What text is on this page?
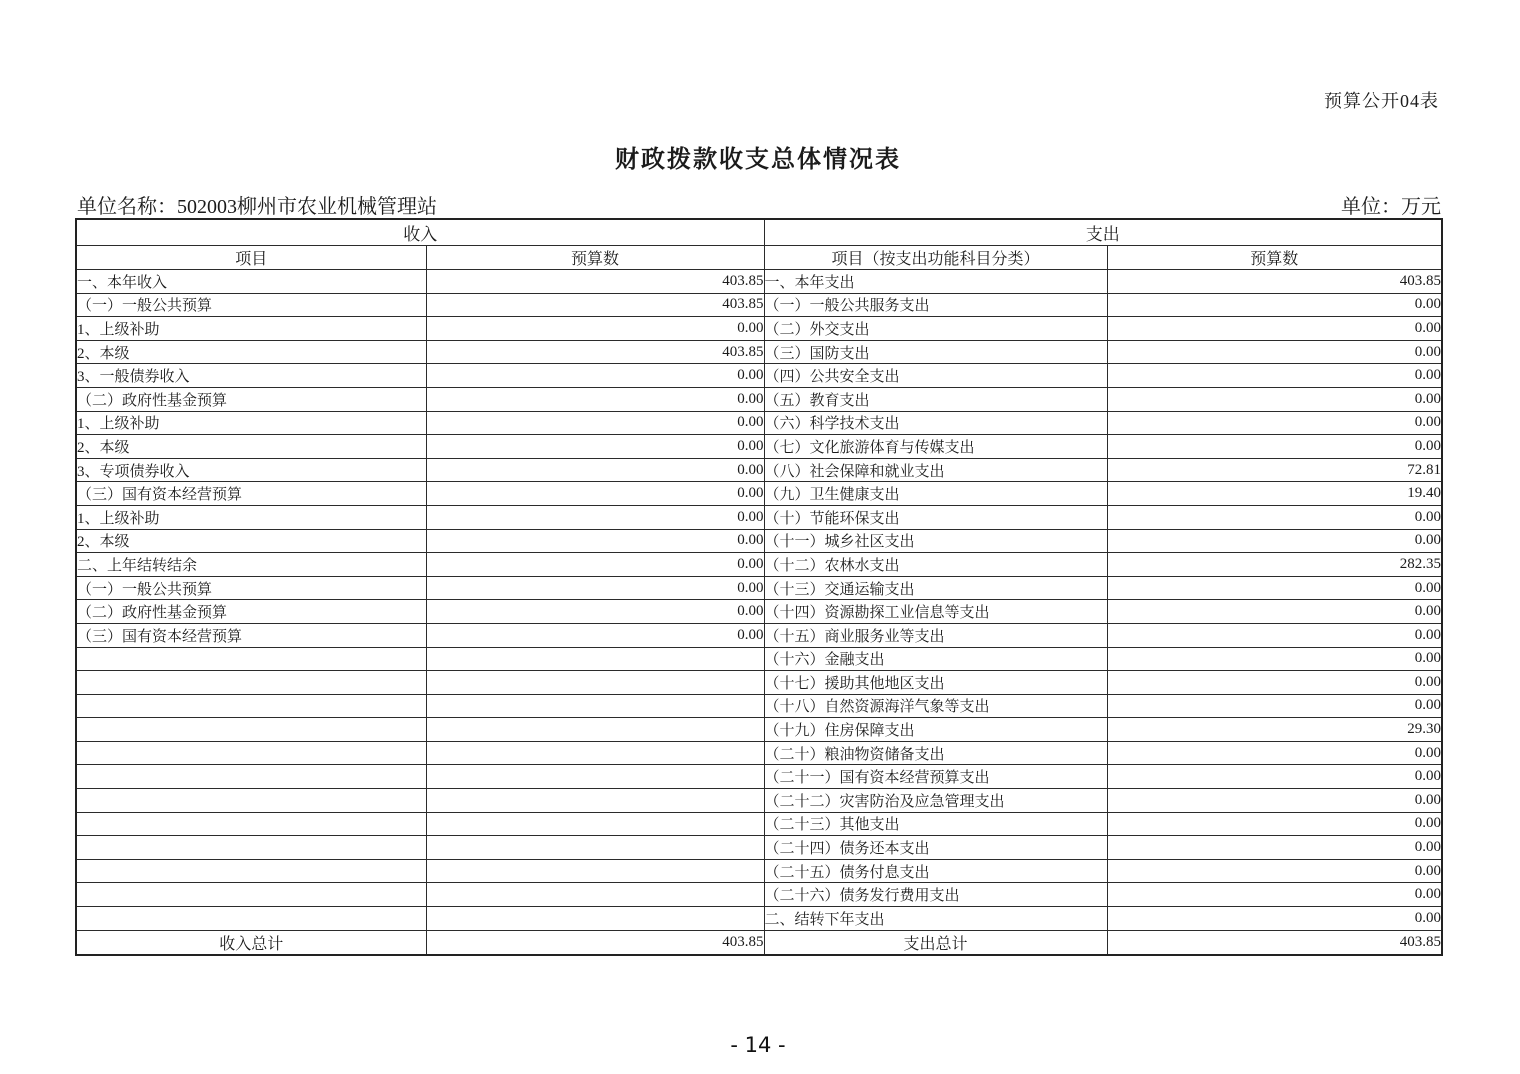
预算公开04表
财政拨款收支总体情况表
单位名称：502003柳州市农业机械管理站	单位：万元
收入		支出	
项目	预算数	项目（按支出功能科目分类）	预算数
一、本年收入	403.85	一、本年支出	403.85
（一）一般公共预算	403.85	（一）一般公共服务支出	0.00
1、上级补助	0.00	（二）外交支出	0.00
2、本级	403.85	（三）国防支出	0.00
3、一般债券收入	0.00	（四）公共安全支出	0.00
（二）政府性基金预算	0.00	（五）教育支出	0.00
1、上级补助	0.00	（六）科学技术支出	0.00
2、本级	0.00	（七）文化旅游体育与传媒支出	0.00
3、专项债券收入	0.00	（八）社会保障和就业支出	72.81
（三）国有资本经营预算	0.00	（九）卫生健康支出	19.40
1、上级补助	0.00	（十）节能环保支出	0.00
2、本级	0.00	（十一）城乡社区支出	0.00
二、上年结转结余	0.00	（十二）农林水支出	282.35
（一）一般公共预算	0.00	（十三）交通运输支出	0.00
（二）政府性基金预算	0.00	（十四）资源勘探工业信息等支出	0.00
（三）国有资本经营预算	0.00	（十五）商业服务业等支出	0.00
		（十六）金融支出	0.00
		（十七）援助其他地区支出	0.00
		（十八）自然资源海洋气象等支出	0.00
		（十九）住房保障支出	29.30
		（二十）粮油物资储备支出	0.00
		（二十一）国有资本经营预算支出	0.00
		（二十二）灾害防治及应急管理支出	0.00
		（二十三）其他支出	0.00
		（二十四）债务还本支出	0.00
		（二十五）债务付息支出	0.00
		（二十六）债务发行费用支出	0.00
		二、结转下年支出	0.00
收入总计	403.85	支出总计	403.85
- 14 -
